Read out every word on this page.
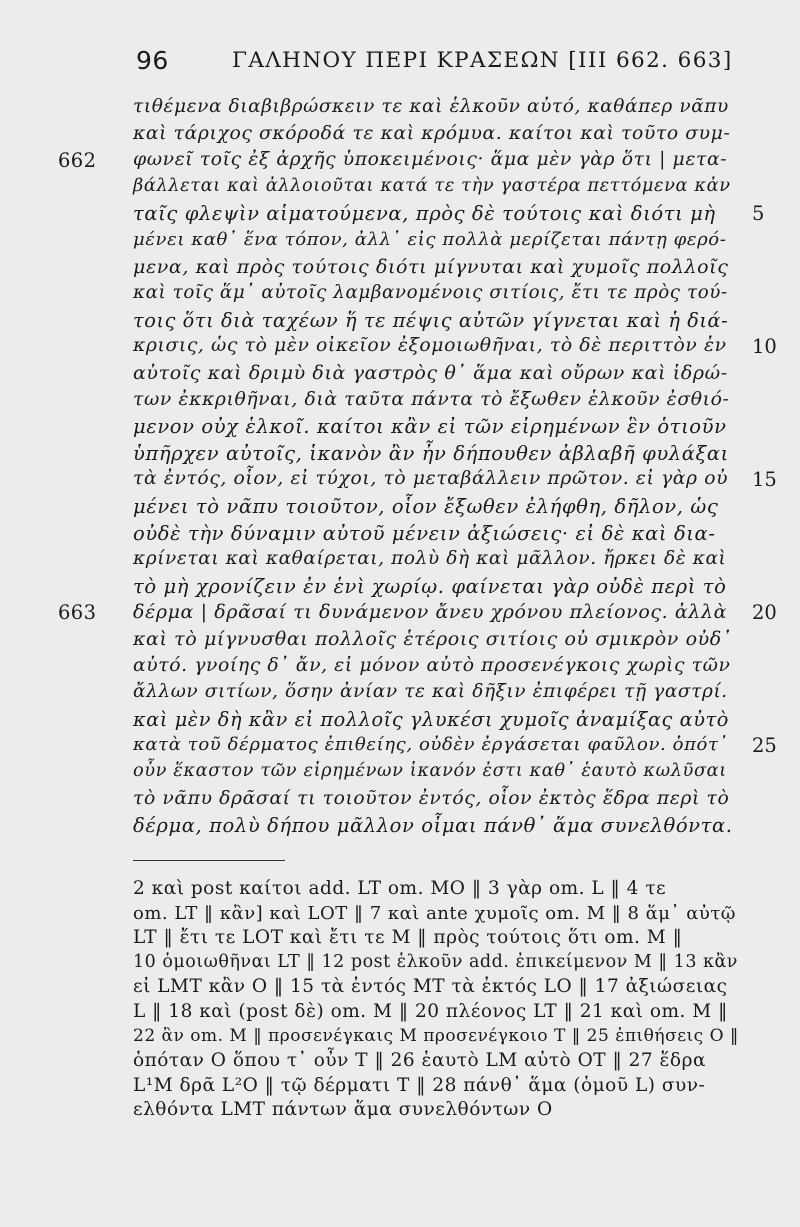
96	ΓΑΛΗΝΟΥ ΠΕΡΙ ΚΡΑΣΕΩΝ [ΙΙΙ 662. 663]
τιθέμενα διαβιβρώσκειν τε καὶ ἑλκοῦν αὐτό, καθάπερ νᾶπυ
καὶ τάριχος σκόροδά τε καὶ κρόμυα. καίτοι καὶ τοῦτο συμ-
φωνεῖ τοῖς ἐξ ἀρχῆς ὑποκειμένοις· ἅμα μὲν γὰρ ὅτι | μετα-
662
βάλλεται καὶ ἀλλοιοῦται κατά τε τὴν γαστέρα πεττόμενα κἀν
ταῖς φλεψὶν αἱματούμενα, πρὸς δὲ τούτοις καὶ διότι μὴ 5
μένει καθ᾽ ἕνα τόπον, ἀλλ᾽ εἰς πολλὰ μερίζεται πάντῃ φερό-
μενα, καὶ πρὸς τούτοις διότι μίγνυται καὶ χυμοῖς πολλοῖς
καὶ τοῖς ἅμ᾽ αὐτοῖς λαμβανομένοις σιτίοις, ἔτι τε πρὸς τού-
τοις ὅτι διὰ ταχέων ἥ τε πέψις αὐτῶν γίγνεται καὶ ἡ διά-
κρισις, ὡς τὸ μὲν οἰκεῖον ἐξομοιωθῆναι, τὸ δὲ περιττὸν ἐν 10
αὐτοῖς καὶ δριμὺ διὰ γαστρὸς θ᾽ ἅμα καὶ οὔρων καὶ ἱδρώ-
των ἐκκριθῆναι, διὰ ταῦτα πάντα τὸ ἔξωθεν ἑλκοῦν ἐσθιό-
μενον οὐχ ἑλκοῖ. καίτοι κἂν εἰ τῶν εἰρημένων ἓν ὁτιοῦν
ὑπῆρχεν αὐτοῖς, ἱκανὸν ἂν ἦν δήπουθεν ἀβλαβῆ φυλάξαι
τὰ ἐντός, οἷον, εἰ τύχοι, τὸ μεταβάλλειν πρῶτον. εἰ γὰρ οὐ 15
μένει τὸ νᾶπυ τοιοῦτον, οἷον ἔξωθεν ἐλήφθη, δῆλον, ὡς
οὐδὲ τὴν δύναμιν αὐτοῦ μένειν ἀξιώσεις· εἰ δὲ καὶ δια-
κρίνεται καὶ καθαίρεται, πολὺ δὴ καὶ μᾶλλον. ἤρκει δὲ καὶ
τὸ μὴ χρονίζειν ἐν ἑνὶ χωρίῳ. φαίνεται γὰρ οὐδὲ περὶ τὸ
δέρμα | δρᾶσαί τι δυνάμενον ἄνευ χρόνου πλείονος. ἀλλὰ
663	20
καὶ τὸ μίγνυσθαι πολλοῖς ἑτέροις σιτίοις οὐ σμικρὸν οὐδ᾽
αὐτό. γνοίης δ᾽ ἄν, εἰ μόνον αὐτὸ προσενέγκοις χωρὶς τῶν
ἄλλων σιτίων, ὅσην ἀνίαν τε καὶ δῆξιν ἐπιφέρει τῇ γαστρί.
καὶ μὲν δὴ κἂν εἰ πολλοῖς γλυκέσι χυμοῖς ἀναμίξας αὐτὸ
κατὰ τοῦ δέρματος ἐπιθείης, οὐδὲν ἐργάσεται φαῦλον. ὁπότ᾽ 25
οὖν ἕκαστον τῶν εἰρημένων ἱκανόν ἐστι καθ᾽ ἑαυτὸ κωλῦσαι
τὸ νᾶπυ δρᾶσαί τι τοιοῦτον ἐντός, οἷον ἐκτὸς ἕδρα περὶ τὸ
δέρμα, πολὺ δήπου μᾶλλον οἶμαι πάνθ᾽ ἅμα συνελθόντα.
2 καὶ post καίτοι add. LT om. MO ‖ 3 γὰρ om. L ‖ 4 τε
om. LT ‖ κἂν] καὶ LOT ‖ 7 καὶ ante χυμοῖς om. M ‖ 8 ἅμ᾽ αὐτῷ
LT ‖ ἔτι τε LOT καὶ ἔτι τε M ‖ πρὸς τούτοις ὅτι om. M ‖
10 ὁμοιωθῆναι LT ‖ 12 post ἑλκοῦν add. ἐπικείμενον M ‖ 13 κἂν
εἰ LMT κἂν O ‖ 15 τὰ ἐντός MT τὰ ἐκτός LO ‖ 17 ἀξιώσειας
L ‖ 18 καὶ (post δὲ) om. M ‖ 20 πλέονος LT ‖ 21 καὶ om. M ‖
22 ἂν om. M ‖ προσενέγκαις M προσενέγκοιο T ‖ 25 ἐπιθήσεις O ‖
ὁπόταν O ὅπου τ᾽ οὖν T ‖ 26 ἑαυτὸ LM αὐτὸ OT ‖ 27 ἕδρα
L¹M δρᾶ L²O ‖ τῷ δέρματι T ‖ 28 πάνθ᾽ ἅμα (ὁμοῦ L) συν-
ελθόντα LMT πάντων ἅμα συνελθόντων O
